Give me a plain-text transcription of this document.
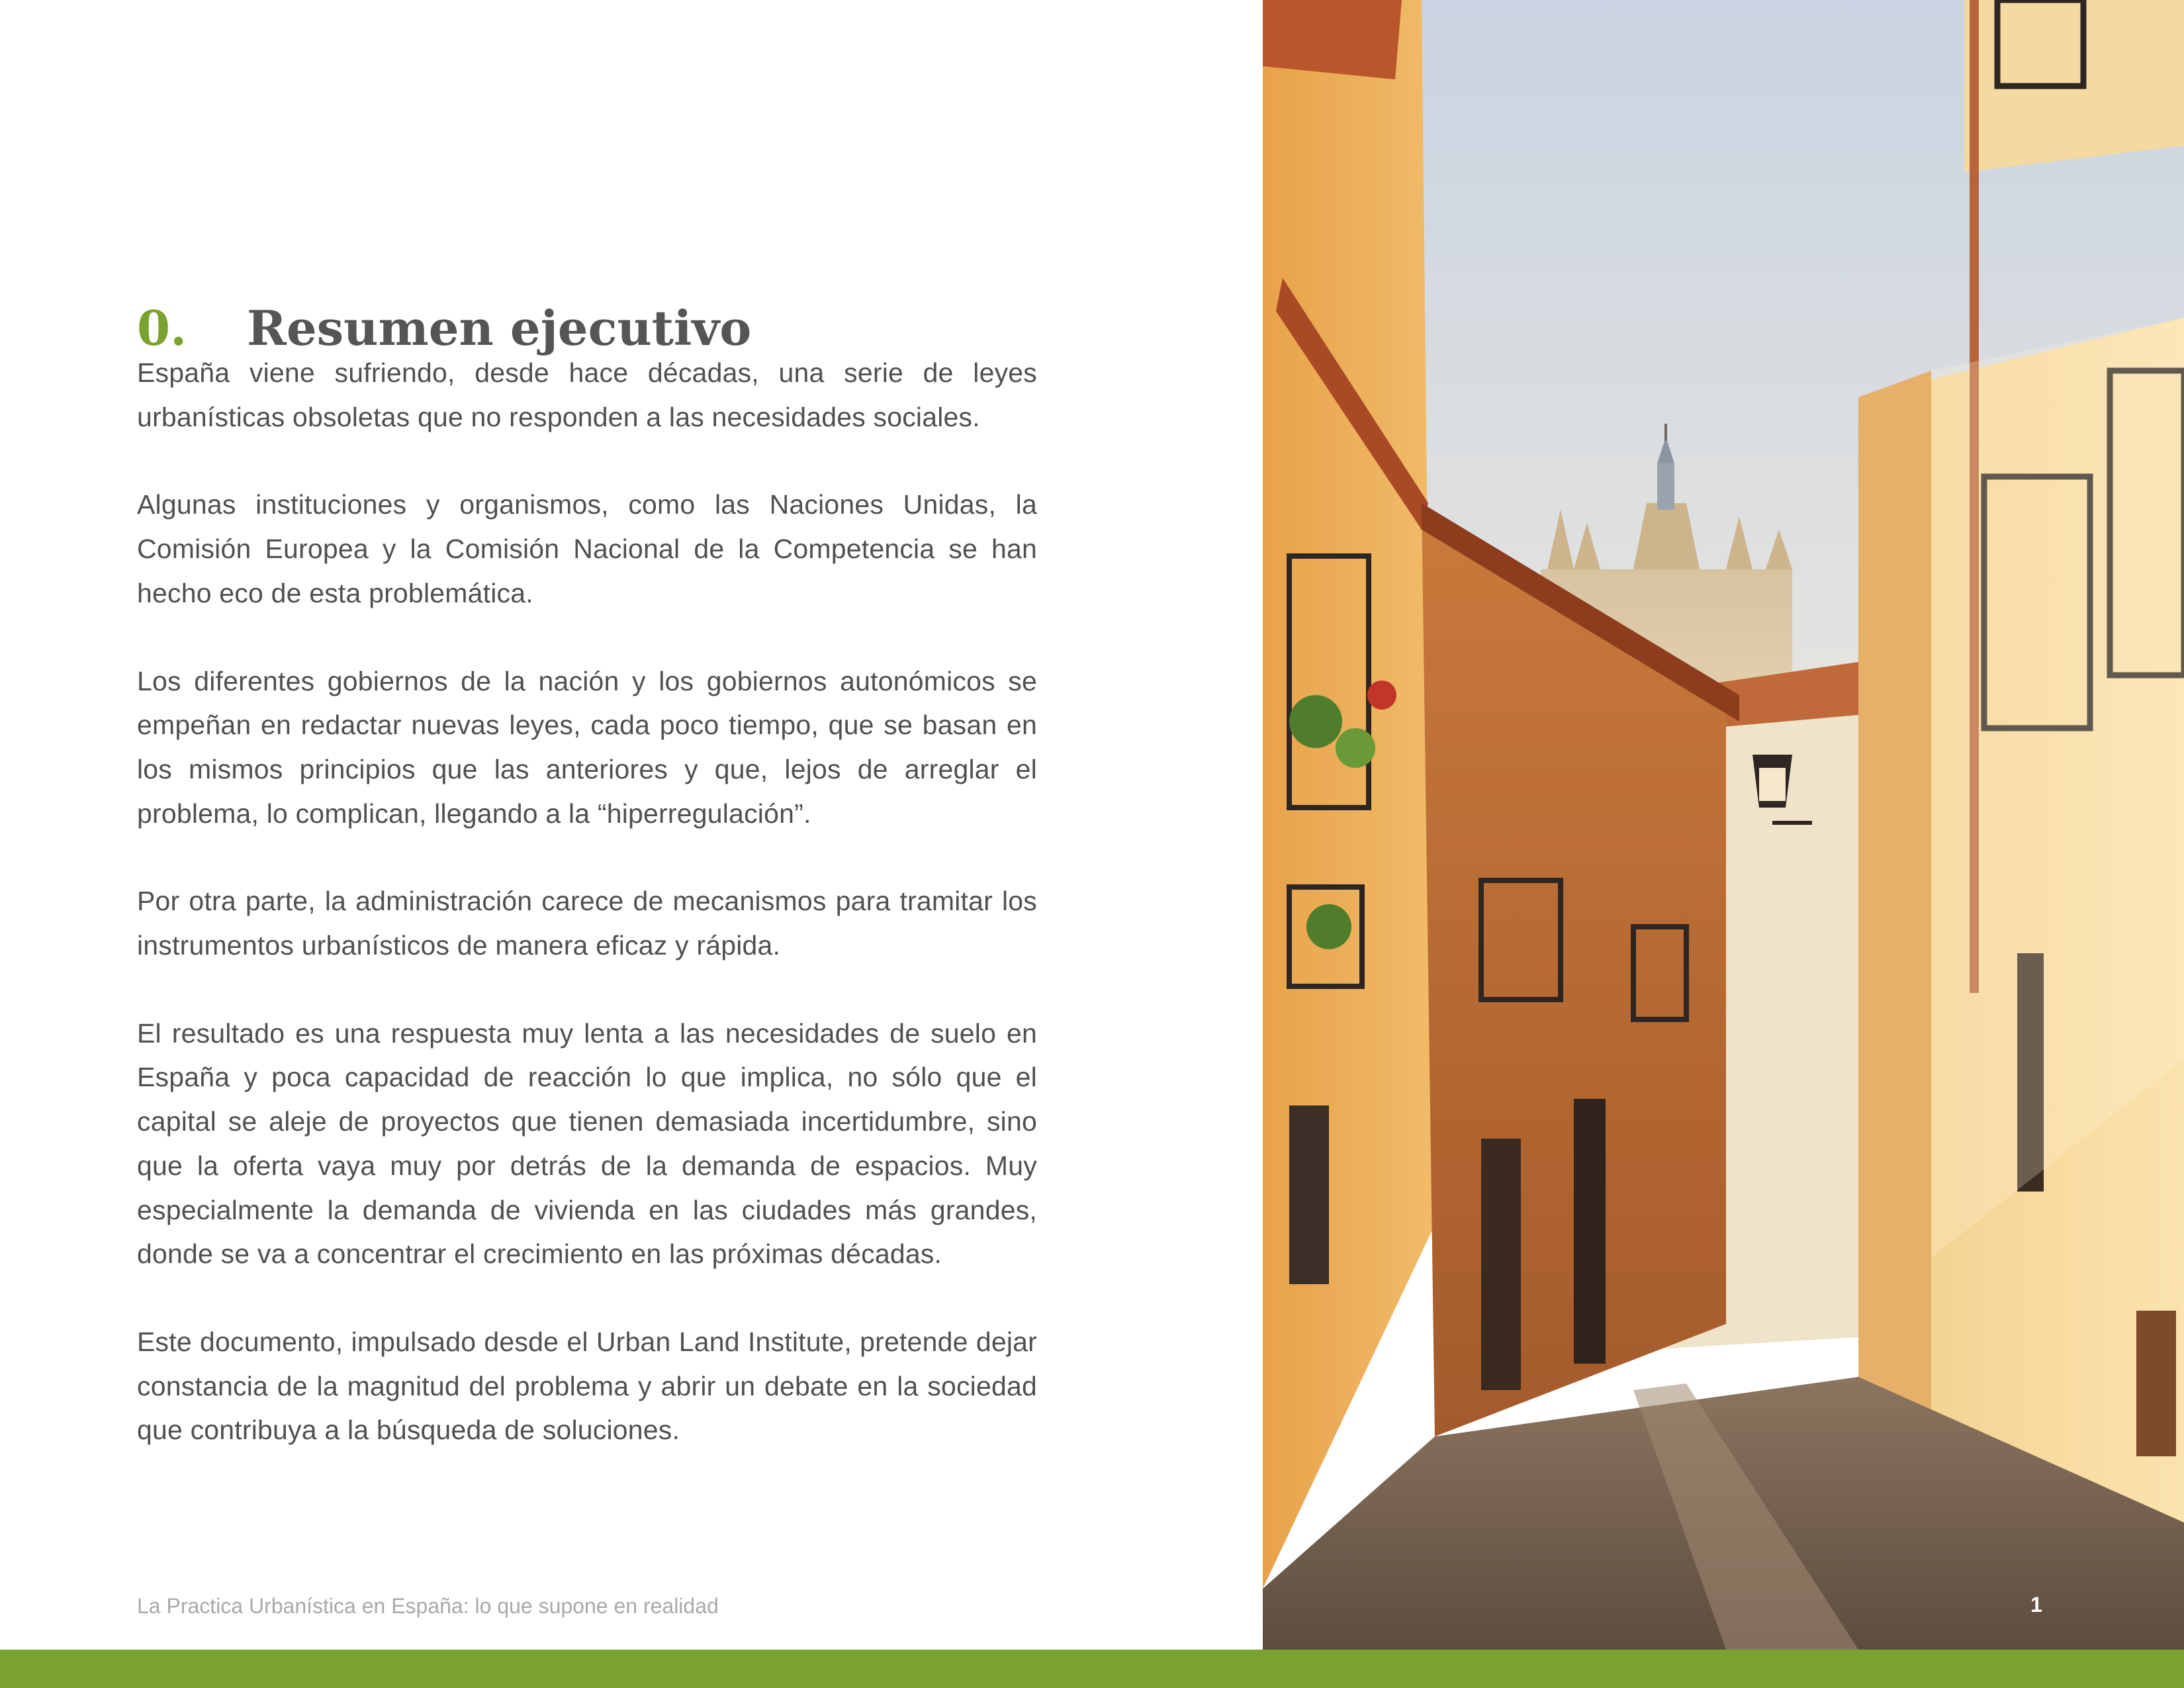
0. Resumen ejecutivo

España viene sufriendo, desde hace décadas, una serie de leyes urbanísticas obsoletas que no responden a las necesidades sociales.

Algunas instituciones y organismos, como las Naciones Unidas, la Comisión Europea y la Comisión Nacional de la Competencia se han hecho eco de esta problemática.

Los diferentes gobiernos de la nación y los gobiernos autonómicos se empeñan en redactar nuevas leyes, cada poco tiempo, que se basan en los mismos principios que las anteriores y que, lejos de arreglar el problema, lo complican, llegando a la “hiperregulación”.

Por otra parte, la administración carece de mecanismos para tramitar los instrumentos urbanísticos de manera eficaz y rápida.

El resultado es una respuesta muy lenta a las necesidades de suelo en España y poca capacidad de reacción lo que implica, no sólo que el capital se aleje de proyectos que tienen demasiada incertidumbre, sino que la oferta vaya muy por detrás de la demanda de espacios. Muy especialmente la demanda de vivienda en las ciudades más grandes, donde se va a concentrar el crecimiento en las próximas décadas.

Este documento, impulsado desde el Urban Land Institute, pretende dejar constancia de la magnitud del problema y abrir un debate en la sociedad que contribuya a la búsqueda de soluciones.

La Practica Urbanística en España: lo que supone en realidad	1
